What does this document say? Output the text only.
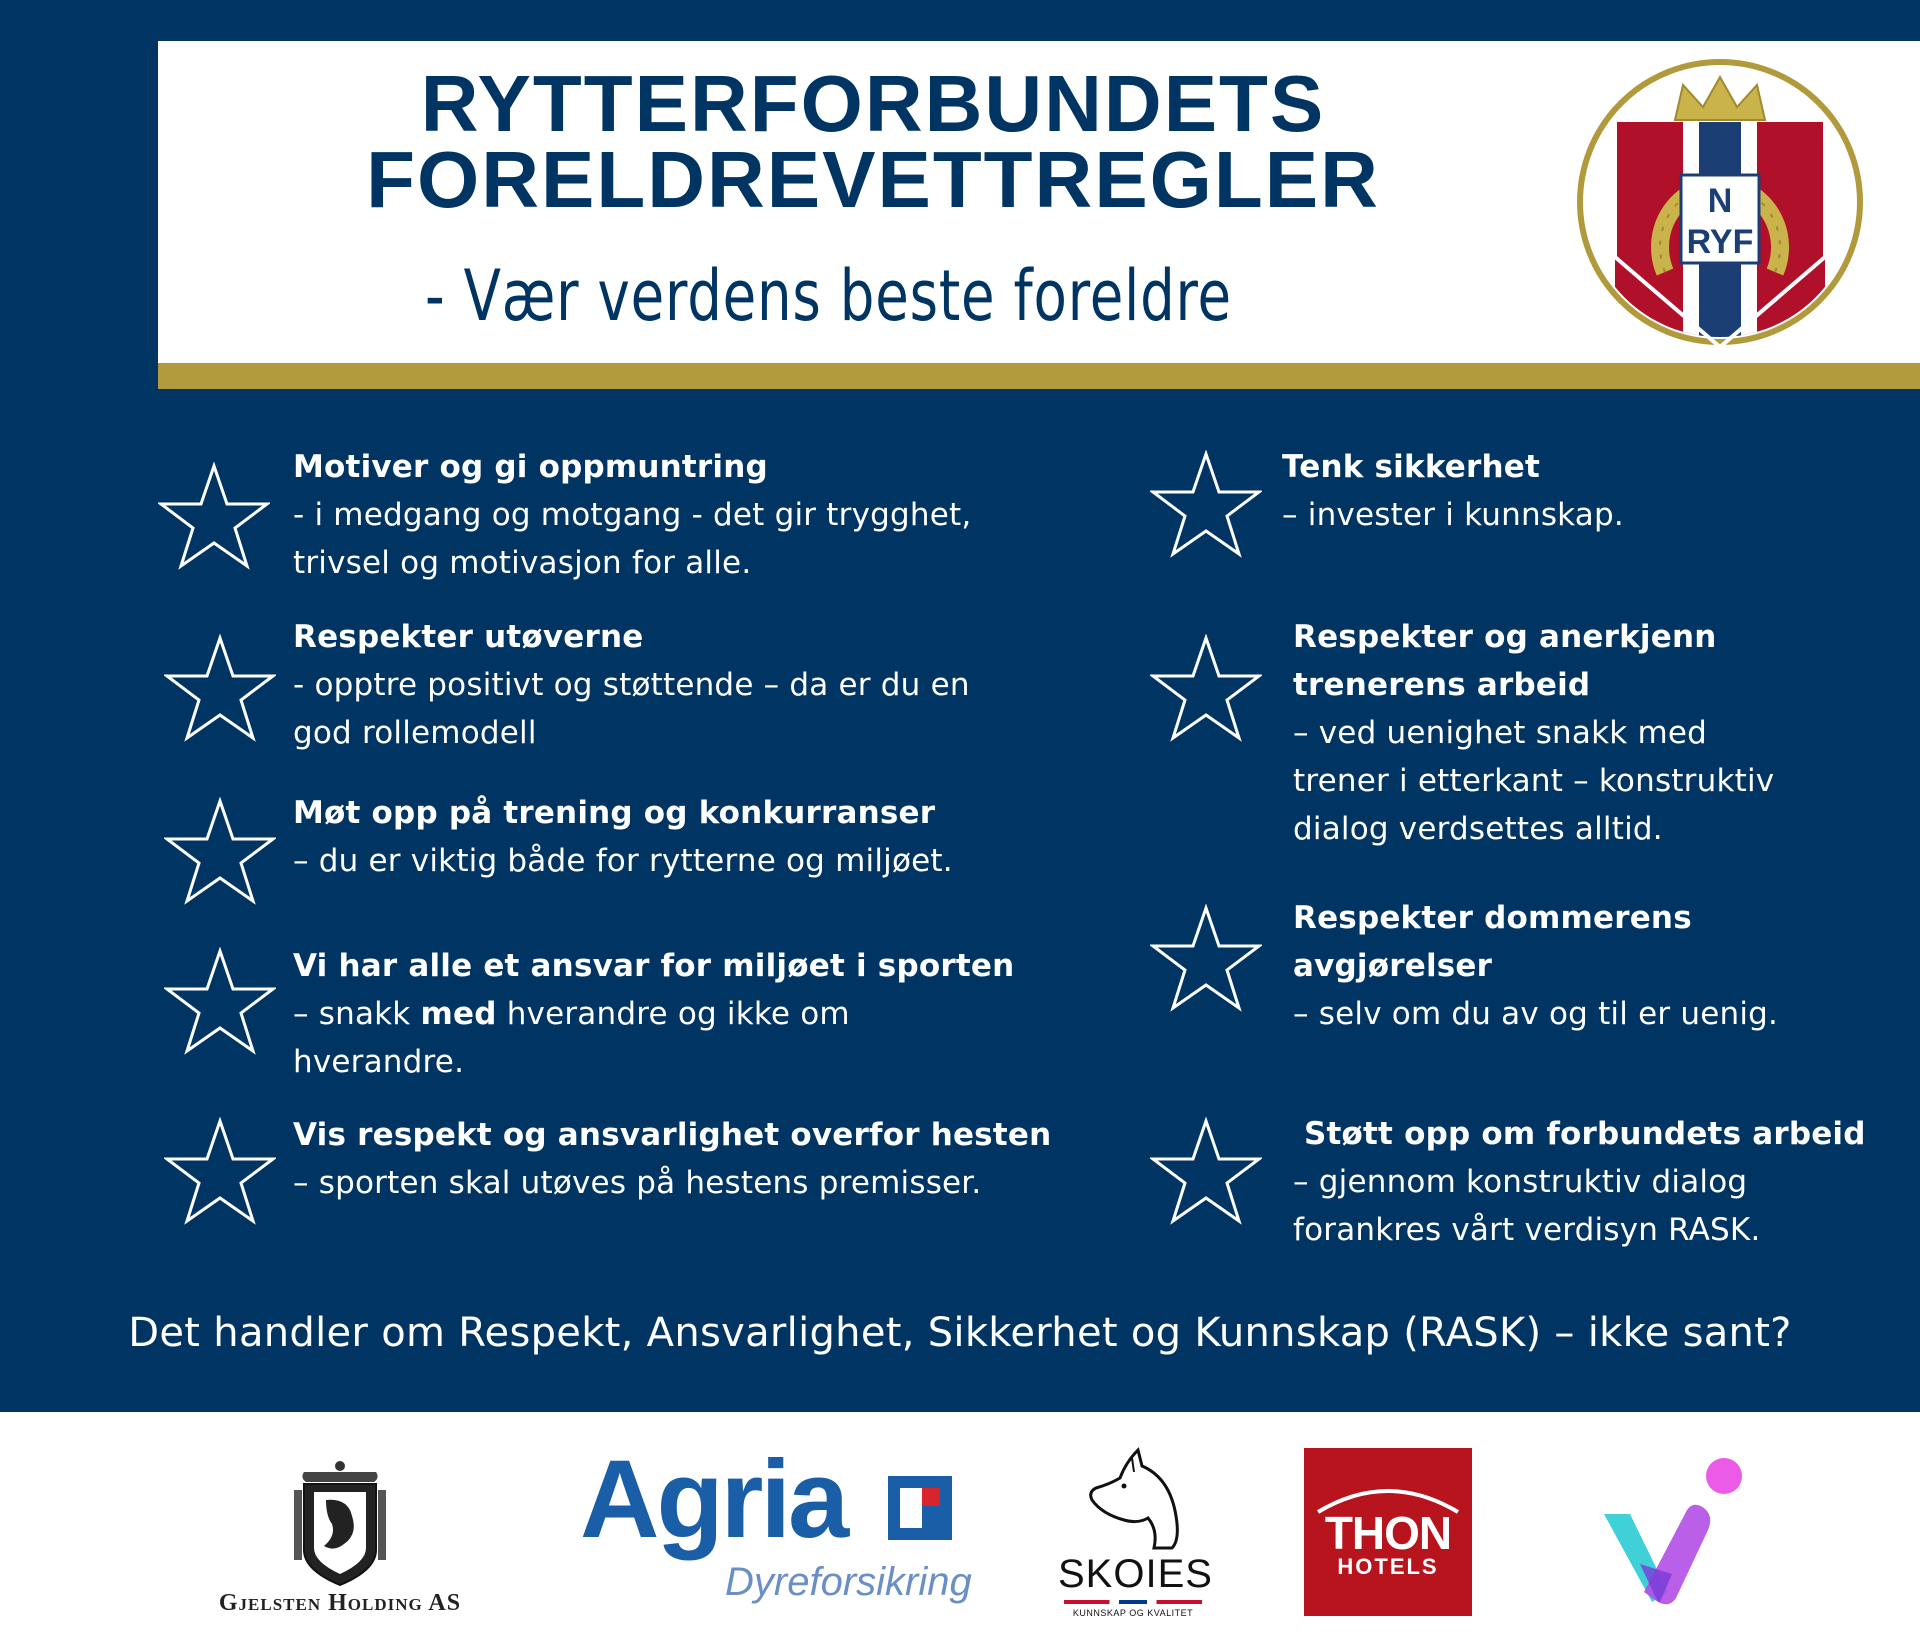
RYTTERFORBUNDETS
FORELDREVETTREGLER
- Vær verdens beste foreldre
N
RYF

Motiver og gi oppmuntring

- i medgang og motgang - det gir trygghet,

trivsel og motivasjon for alle.

Respekter utøverne

- opptre positivt og støttende – da er du en

god rollemodell

Møt opp på trening og konkurranser

– du er viktig både for rytterne og miljøet.

Vi har alle et ansvar for miljøet i sporten

– snakk med hverandre og ikke om

hverandre.

Vis respekt og ansvarlighet overfor hesten

– sporten skal utøves på hestens premisser.

Tenk sikkerhet

– invester i kunnskap.

Respekter og anerkjenn

trenerens arbeid

– ved uenighet snakk med

trener i etterkant – konstruktiv

dialog verdsettes alltid.

Respekter dommerens

avgjørelser

– selv om du av og til er uenig.

Støtt opp om forbundets arbeid

– gjennom konstruktiv dialog

forankres vårt verdisyn RASK.

Det handler om Respekt, Ansvarlighet, Sikkerhet og Kunnskap (RASK) – ikke sant?

Gjelsten Holding AS
Agria
Dyreforsikring SKOIES
KUNNSKAP OG KVALITET
THON
HOTELS
